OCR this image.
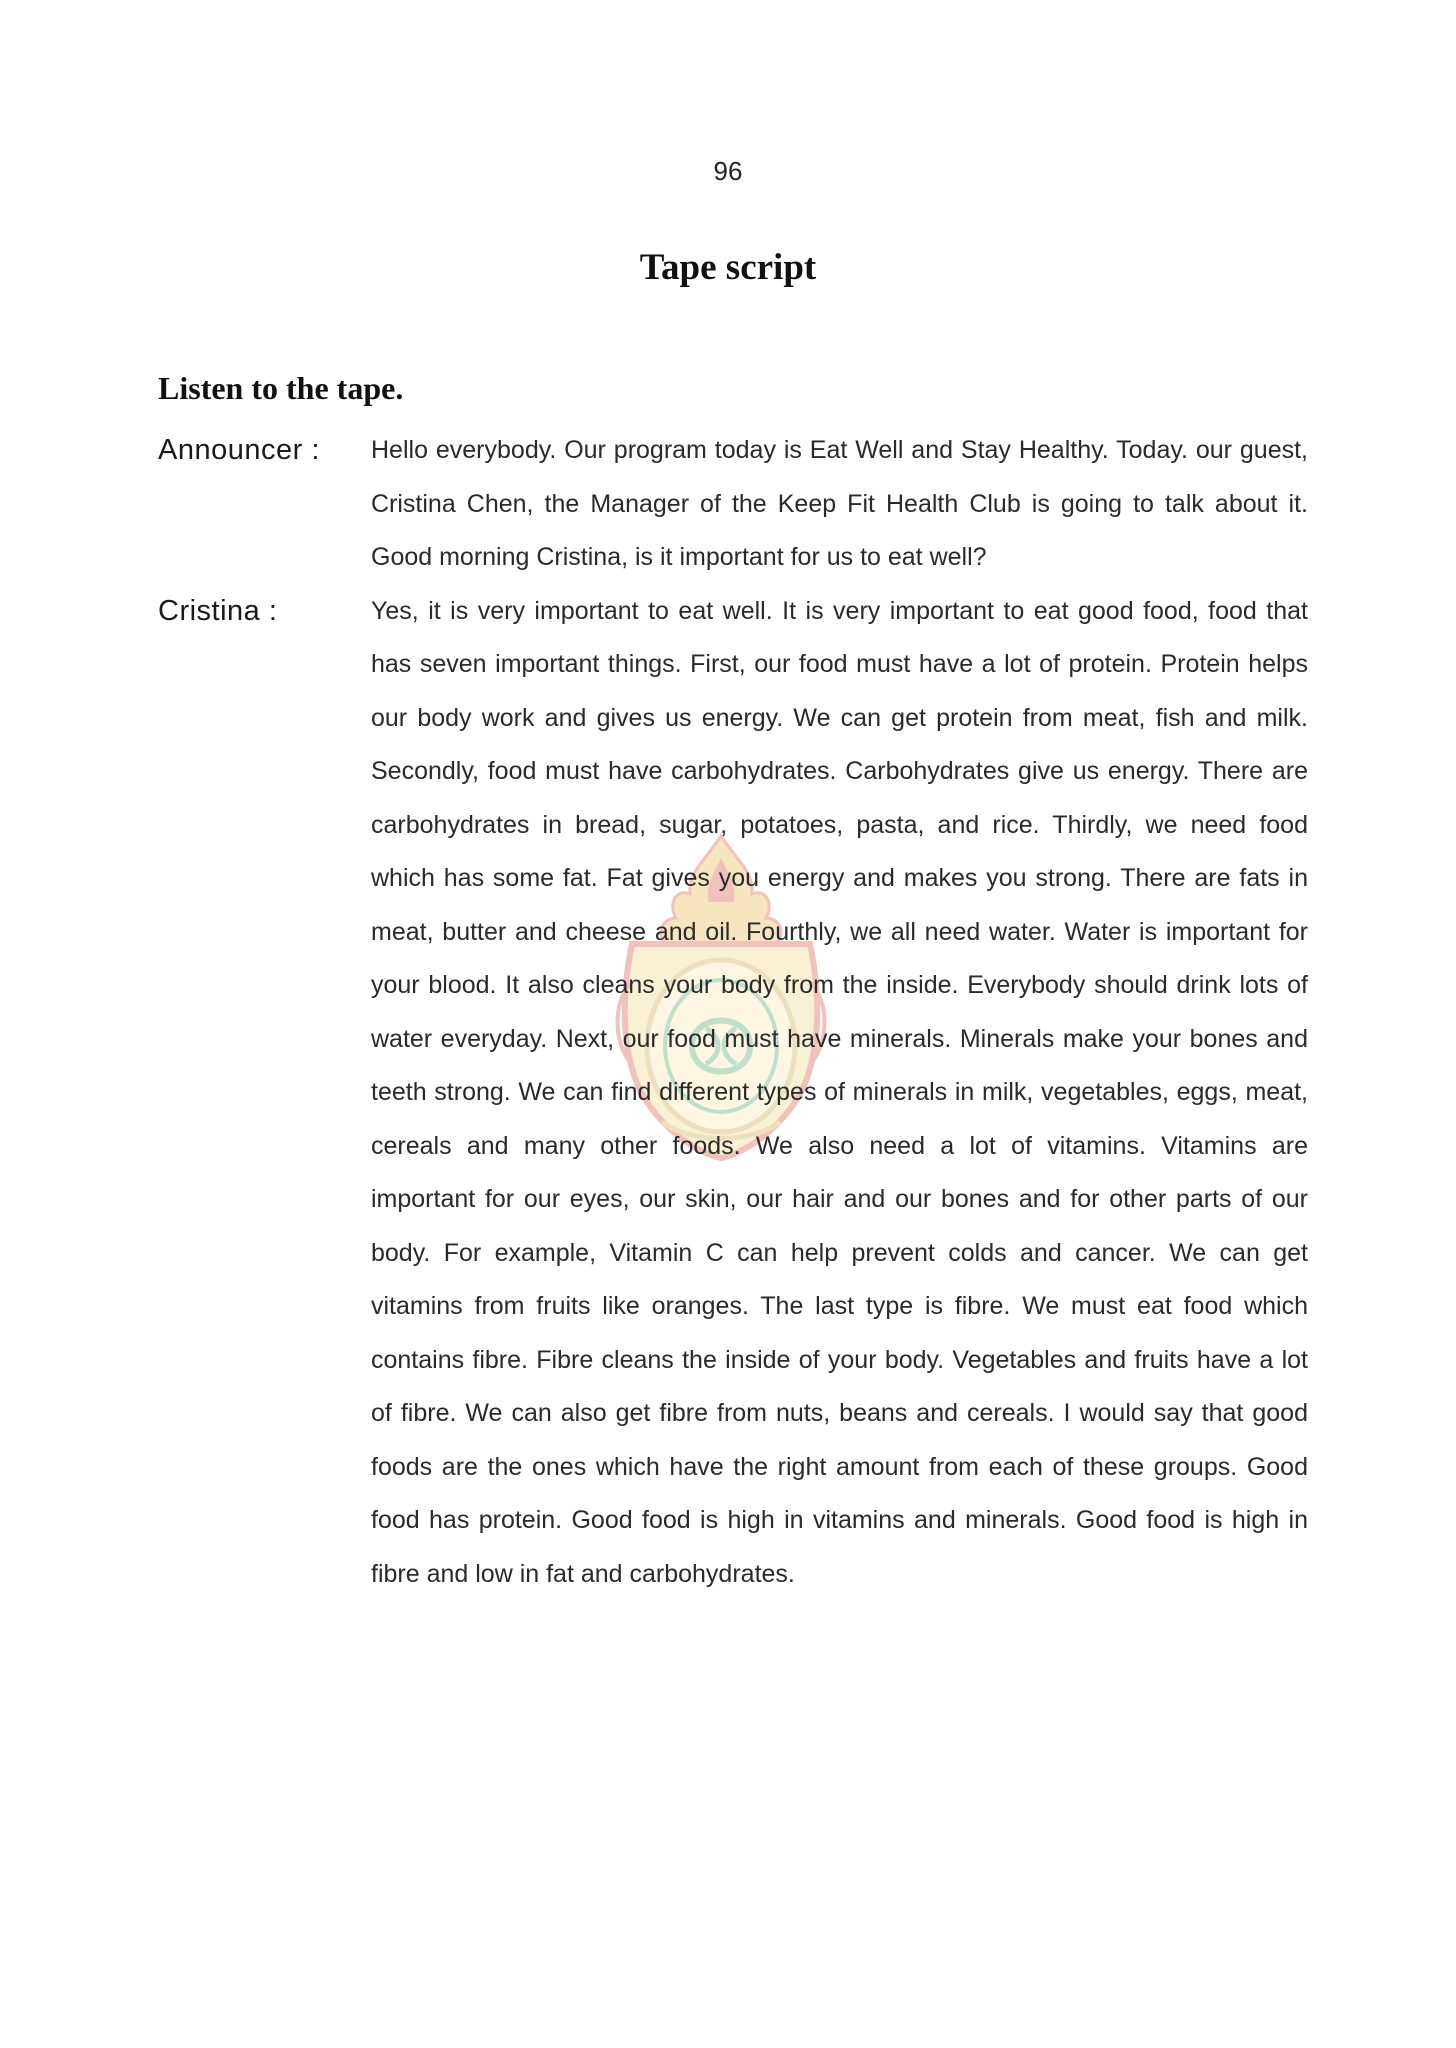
96
Tape script
Listen to the tape.
Announcer :	Hello everybody. Our program today is Eat Well and Stay Healthy. Today. our guest, Cristina Chen, the Manager of the Keep Fit Health Club is going to talk about it. Good morning Cristina, is it important for us to eat well?
Cristina :	Yes, it is very important to eat well. It is very important to eat good food, food that has seven important things. First, our food must have a lot of protein. Protein helps our body work and gives us energy. We can get protein from meat, fish and milk. Secondly, food must have carbohydrates. Carbohydrates give us energy. There are carbohydrates in bread, sugar, potatoes, pasta, and rice. Thirdly, we need food which has some fat. Fat gives you energy and makes you strong. There are fats in meat, butter and cheese and oil. Fourthly, we all need water. Water is important for your blood. It also cleans your body from the inside. Everybody should drink lots of water everyday. Next, our food must have minerals. Minerals make your bones and teeth strong. We can find different types of minerals in milk, vegetables, eggs, meat, cereals and many other foods. We also need a lot of vitamins. Vitamins are important for our eyes, our skin, our hair and our bones and for other parts of our body. For example, Vitamin C can help prevent colds and cancer. We can get vitamins from fruits like oranges. The last type is fibre. We must eat food which contains fibre. Fibre cleans the inside of your body. Vegetables and fruits have a lot of fibre. We can also get fibre from nuts, beans and cereals. I would say that good foods are the ones which have the right amount from each of these groups. Good food has protein. Good food is high in vitamins and minerals. Good food is high in fibre and low in fat and carbohydrates.
